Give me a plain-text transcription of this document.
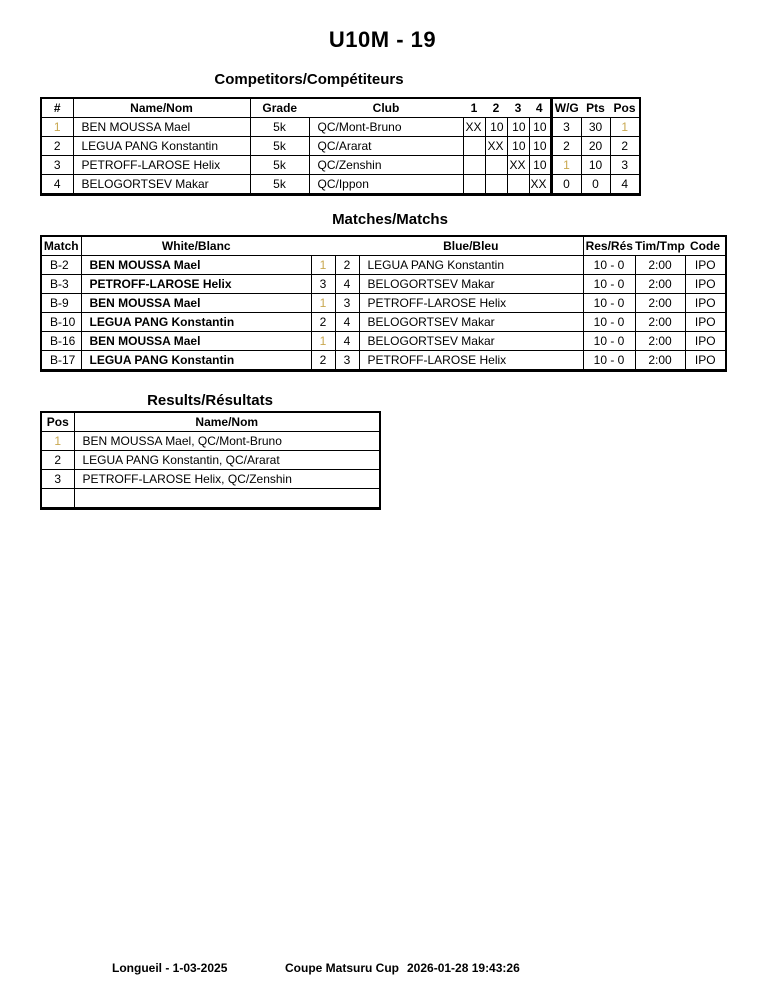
U10M - 19
Competitors/Compétiteurs
#	Name/Nom	Grade	Club	1	2	3	4	W/G	Pts	Pos
1	BEN MOUSSA Mael	5k	QC/Mont-Bruno	XX	10	10	10	3	30	1
2	LEGUA PANG Konstantin	5k	QC/Ararat		XX	10	10	2	20	2
3	PETROFF-LAROSE Helix	5k	QC/Zenshin			XX	10	1	10	3
4	BELOGORTSEV Makar	5k	QC/Ippon				XX	0	0	4
Matches/Matchs
Match	White/Blanc			Blue/Bleu	Res/Rés	Tim/Tmp	Code
B-2	BEN MOUSSA Mael	1	2	LEGUA PANG Konstantin	10 - 0	2:00	IPO
B-3	PETROFF-LAROSE Helix	3	4	BELOGORTSEV Makar	10 - 0	2:00	IPO
B-9	BEN MOUSSA Mael	1	3	PETROFF-LAROSE Helix	10 - 0	2:00	IPO
B-10	LEGUA PANG Konstantin	2	4	BELOGORTSEV Makar	10 - 0	2:00	IPO
B-16	BEN MOUSSA Mael	1	4	BELOGORTSEV Makar	10 - 0	2:00	IPO
B-17	LEGUA PANG Konstantin	2	3	PETROFF-LAROSE Helix	10 - 0	2:00	IPO
Results/Résultats
Pos	Name/Nom
1	BEN MOUSSA Mael, QC/Mont-Bruno
2	LEGUA PANG Konstantin, QC/Ararat
3	PETROFF-LAROSE Helix, QC/Zenshin

Longueil - 1-03-2025	Coupe Matsuru Cup 2026-01-28 19:43:26
